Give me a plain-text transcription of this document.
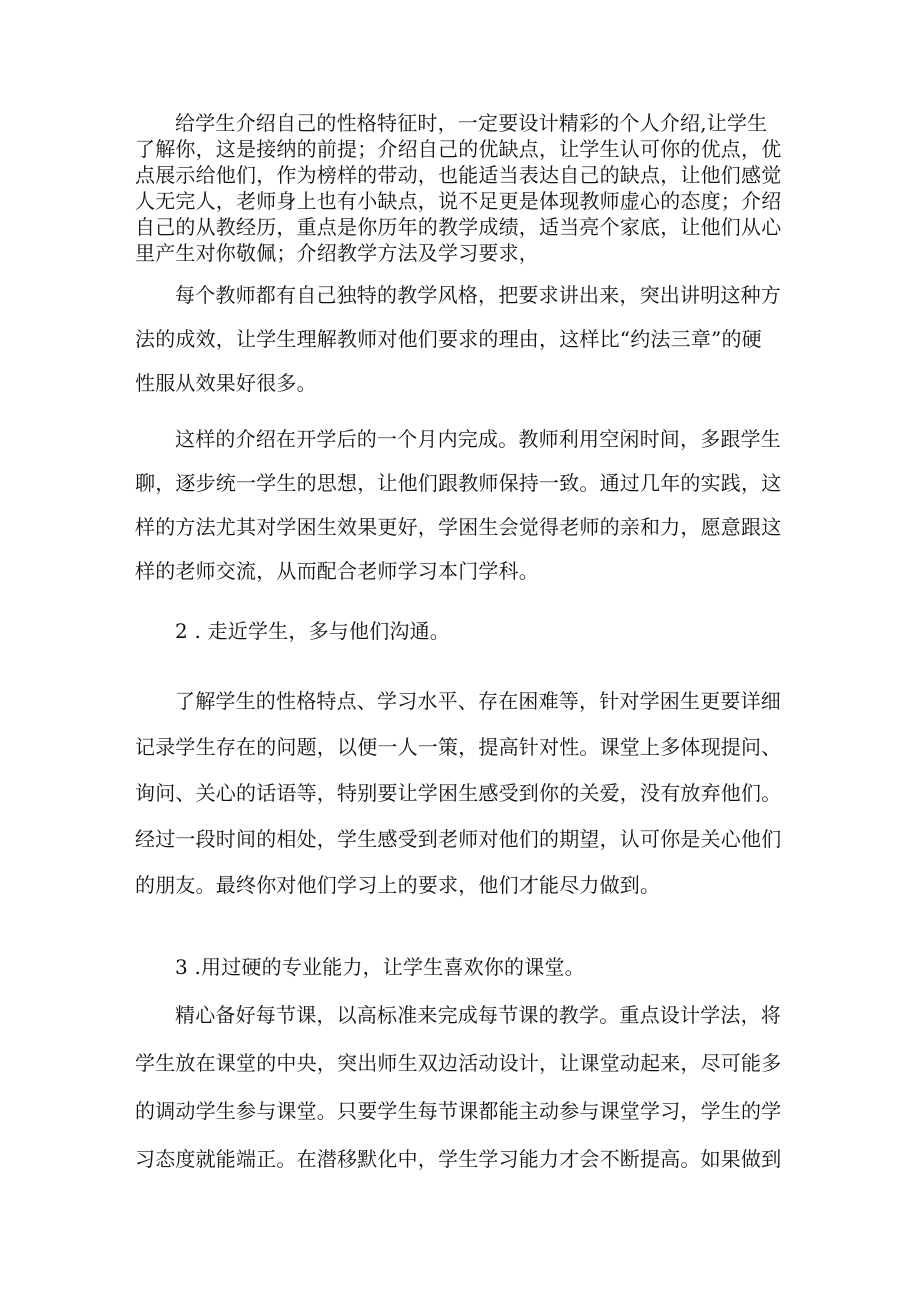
给学生介绍自己的性格特征时，一定要设计精彩的个人介绍,让学生
了解你，这是接纳的前提；介绍自己的优缺点，让学生认可你的优点，优
点展示给他们，作为榜样的带动，也能适当表达自己的缺点，让他们感觉
人无完人，老师身上也有小缺点，说不足更是体现教师虚心的态度；介绍
自己的从教经历，重点是你历年的教学成绩，适当亮个家底，让他们从心
里产生对你敬佩；介绍教学方法及学习要求，
每个教师都有自己独特的教学风格，把要求讲出来，突出讲明这种方
法的成效，让学生理解教师对他们要求的理由，这样比“约法三章”的硬
性服从效果好很多。
这样的介绍在开学后的一个月内完成。教师利用空闲时间，多跟学生
聊，逐步统一学生的思想，让他们跟教师保持一致。通过几年的实践，这
样的方法尤其对学困生效果更好，学困生会觉得老师的亲和力，愿意跟这
样的老师交流，从而配合老师学习本门学科。
2 . 走近学生，多与他们沟通。
了解学生的性格特点、学习水平、存在困难等，针对学困生更要详细
记录学生存在的问题，以便一人一策，提高针对性。课堂上多体现提问、
询问、关心的话语等，特别要让学困生感受到你的关爱，没有放弃他们。
经过一段时间的相处，学生感受到老师对他们的期望，认可你是关心他们
的朋友。最终你对他们学习上的要求，他们才能尽力做到。
3 .用过硬的专业能力，让学生喜欢你的课堂。
精心备好每节课，以高标准来完成每节课的教学。重点设计学法，将
学生放在课堂的中央，突出师生双边活动设计，让课堂动起来，尽可能多
的调动学生参与课堂。只要学生每节课都能主动参与课堂学习，学生的学
习态度就能端正。在潜移默化中，学生学习能力才会不断提高。如果做到
